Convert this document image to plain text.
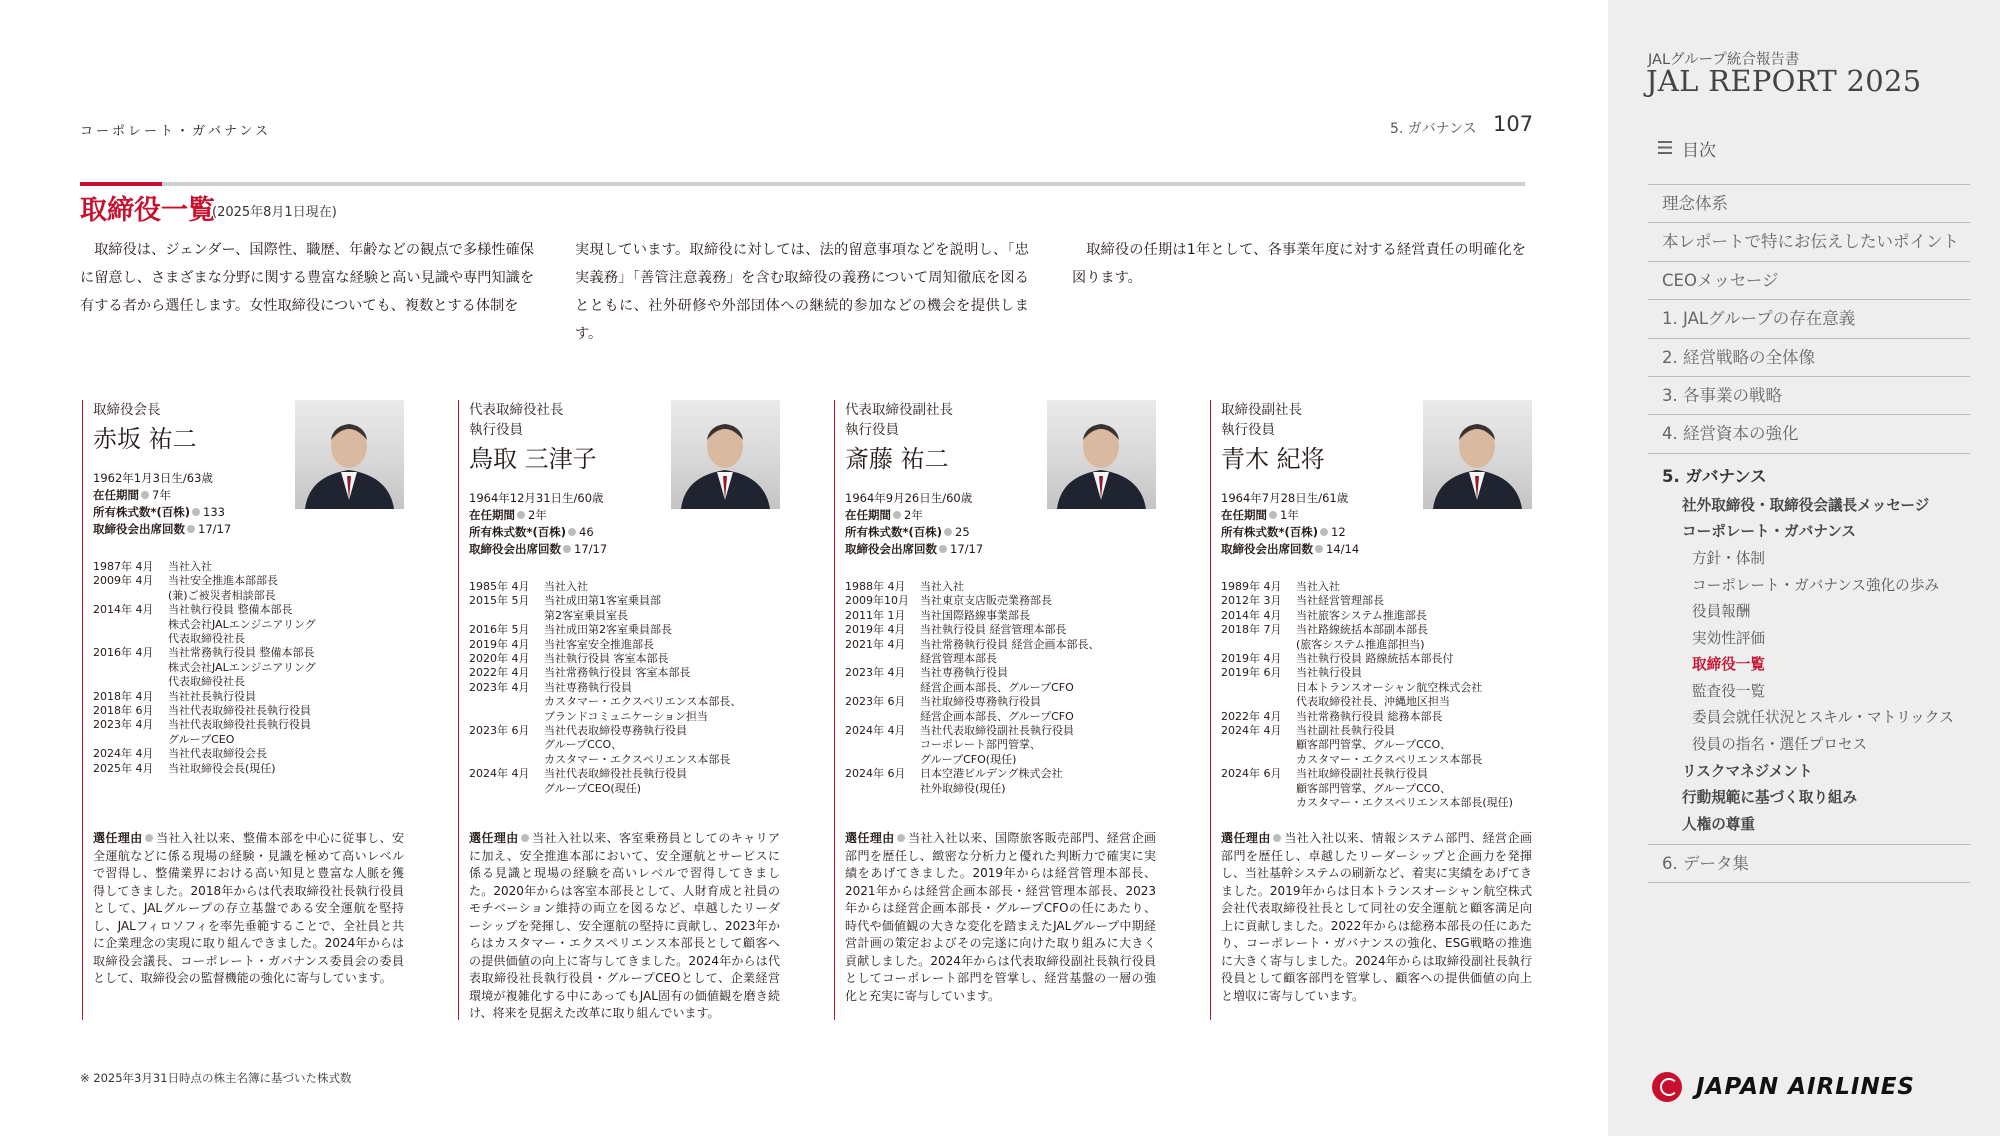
コーポレート・ガバナンス	5. ガバナンス 107
取締役一覧
(2025年8月1日現在)
取締役は、ジェンダー、国際性、職歴、年齢などの観点で多様性確保に留意し、さまざまな分野に関する豊富な経験と高い見識や専門知識を有する者から選任します。女性取締役についても、複数とする体制を
実現しています。取締役に対しては、法的留意事項などを説明し、「忠実義務」「善管注意義務」を含む取締役の義務について周知徹底を図るとともに、社外研修や外部団体への継続的参加などの機会を提供します。
取締役の任期は1年として、各事業年度に対する経営責任の明確化を図ります。
取締役会長
赤坂 祐二
1962年1月3日生/63歳
在任期間 7年
所有株式数*(百株) 133
取締役会出席回数 17/17
1987年 4月	当社入社
2009年 4月	当社安全推進本部部長
(兼)ご被災者相談部長
2014年 4月	当社執行役員 整備本部長
株式会社JALエンジニアリング
代表取締役社長
2016年 4月	当社常務執行役員 整備本部長
株式会社JALエンジニアリング
代表取締役社長
2018年 4月	当社社長執行役員
2018年 6月	当社代表取締役社長執行役員
2023年 4月	当社代表取締役社長執行役員
グループCEO
2024年 4月	当社代表取締役会長
2025年 4月	当社取締役会長(現任)
選任理由 当社入社以来、整備本部を中心に従事し、安全運航などに係る現場の経験・見識を極めて高いレベルで習得し、整備業界における高い知見と豊富な人脈を獲得してきました。2018年からは代表取締役社長執行役員として、JALグループの存立基盤である安全運航を堅持し、JALフィロソフィを率先垂範することで、全社員と共に企業理念の実現に取り組んできました。2024年からは取締役会議長、コーポレート・ガバナンス委員会の委員として、取締役会の監督機能の強化に寄与しています。
代表取締役社長
執行役員
鳥取 三津子
1964年12月31日生/60歳
在任期間 2年
所有株式数*(百株) 46
取締役会出席回数 17/17
1985年 4月	当社入社
2015年 5月	当社成田第1客室乗員部
第2客室乗員室長
2016年 5月	当社成田第2客室乗員部長
2019年 4月	当社客室安全推進部長
2020年 4月	当社執行役員 客室本部長
2022年 4月	当社常務執行役員 客室本部長
2023年 4月	当社専務執行役員
カスタマー・エクスペリエンス本部長、
ブランドコミュニケーション担当
2023年 6月	当社代表取締役専務執行役員
グループCCO、
カスタマー・エクスペリエンス本部長
2024年 4月	当社代表取締役社長執行役員
グループCEO(現任)
選任理由 当社入社以来、客室乗務員としてのキャリアに加え、安全推進本部において、安全運航とサービスに係る見識と現場の経験を高いレベルで習得してきました。2020年からは客室本部長として、人財育成と社員のモチベーション維持の両立を図るなど、卓越したリーダーシップを発揮し、安全運航の堅持に貢献し、2023年からはカスタマー・エクスペリエンス本部長として顧客への提供価値の向上に寄与してきました。2024年からは代表取締役社長執行役員・グループCEOとして、企業経営環境が複雑化する中にあってもJAL固有の価値観を磨き続け、将来を見据えた改革に取り組んでいます。
代表取締役副社長
執行役員
斎藤 祐二
1964年9月26日生/60歳
在任期間 2年
所有株式数*(百株) 25
取締役会出席回数 17/17
1988年 4月	当社入社
2009年10月	当社東京支店販売業務部長
2011年 1月	当社国際路線事業部長
2019年 4月	当社執行役員 経営管理本部長
2021年 4月	当社常務執行役員 経営企画本部長、
経営管理本部長
2023年 4月	当社専務執行役員
経営企画本部長、グループCFO
2023年 6月	当社取締役専務執行役員
経営企画本部長、グループCFO
2024年 4月	当社代表取締役副社長執行役員
コーポレート部門管掌、
グループCFO(現任)
2024年 6月	日本空港ビルデング株式会社
社外取締役(現任)
選任理由 当社入社以来、国際旅客販売部門、経営企画部門を歴任し、緻密な分析力と優れた判断力で確実に実績をあげてきました。2019年からは経営管理本部長、2021年からは経営企画本部長・経営管理本部長、2023年からは経営企画本部長・グループCFOの任にあたり、時代や価値観の大きな変化を踏まえたJALグループ中期経営計画の策定およびその完遂に向けた取り組みに大きく貢献しました。2024年からは代表取締役副社長執行役員としてコーポレート部門を管掌し、経営基盤の一層の強化と充実に寄与しています。
取締役副社長
執行役員
青木 紀将
1964年7月28日生/61歳
在任期間 1年
所有株式数*(百株) 12
取締役会出席回数 14/14
1989年 4月	当社入社
2012年 3月	当社経営管理部長
2014年 4月	当社旅客システム推進部長
2018年 7月	当社路線統括本部副本部長
(旅客システム推進部担当)
2019年 4月	当社執行役員 路線統括本部長付
2019年 6月	当社執行役員
日本トランスオーシャン航空株式会社
代表取締役社長、沖縄地区担当
2022年 4月	当社常務執行役員 総務本部長
2024年 4月	当社副社長執行役員
顧客部門管掌、グループCCO、
カスタマー・エクスペリエンス本部長
2024年 6月	当社取締役副社長執行役員
顧客部門管掌、グループCCO、
カスタマー・エクスペリエンス本部長(現任)
選任理由 当社入社以来、情報システム部門、経営企画部門を歴任し、卓越したリーダーシップと企画力を発揮し、当社基幹システムの刷新など、着実に実績をあげてきました。2019年からは日本トランスオーシャン航空株式会社代表取締役社長として同社の安全運航と顧客満足向上に貢献しました。2022年からは総務本部長の任にあたり、コーポレート・ガバナンスの強化、ESG戦略の推進に大きく寄与しました。2024年からは取締役副社長執行役員として顧客部門を管掌し、顧客への提供価値の向上と増収に寄与しています。
※ 2025年3月31日時点の株主名簿に基づいた株式数
JALグループ統合報告書
JAL REPORT 2025
目次
理念体系
本レポートで特にお伝えしたいポイント
CEOメッセージ
1. JALグループの存在意義
2. 経営戦略の全体像
3. 各事業の戦略
4. 経営資本の強化
5. ガバナンス
社外取締役・取締役会議長メッセージ
コーポレート・ガバナンス
方針・体制
コーポレート・ガバナンス強化の歩み
役員報酬
実効性評価
取締役一覧
監査役一覧
委員会就任状況とスキル・マトリックス
役員の指名・選任プロセス
リスクマネジメント
行動規範に基づく取り組み
人権の尊重
6. データ集
JAPAN AIRLINES
